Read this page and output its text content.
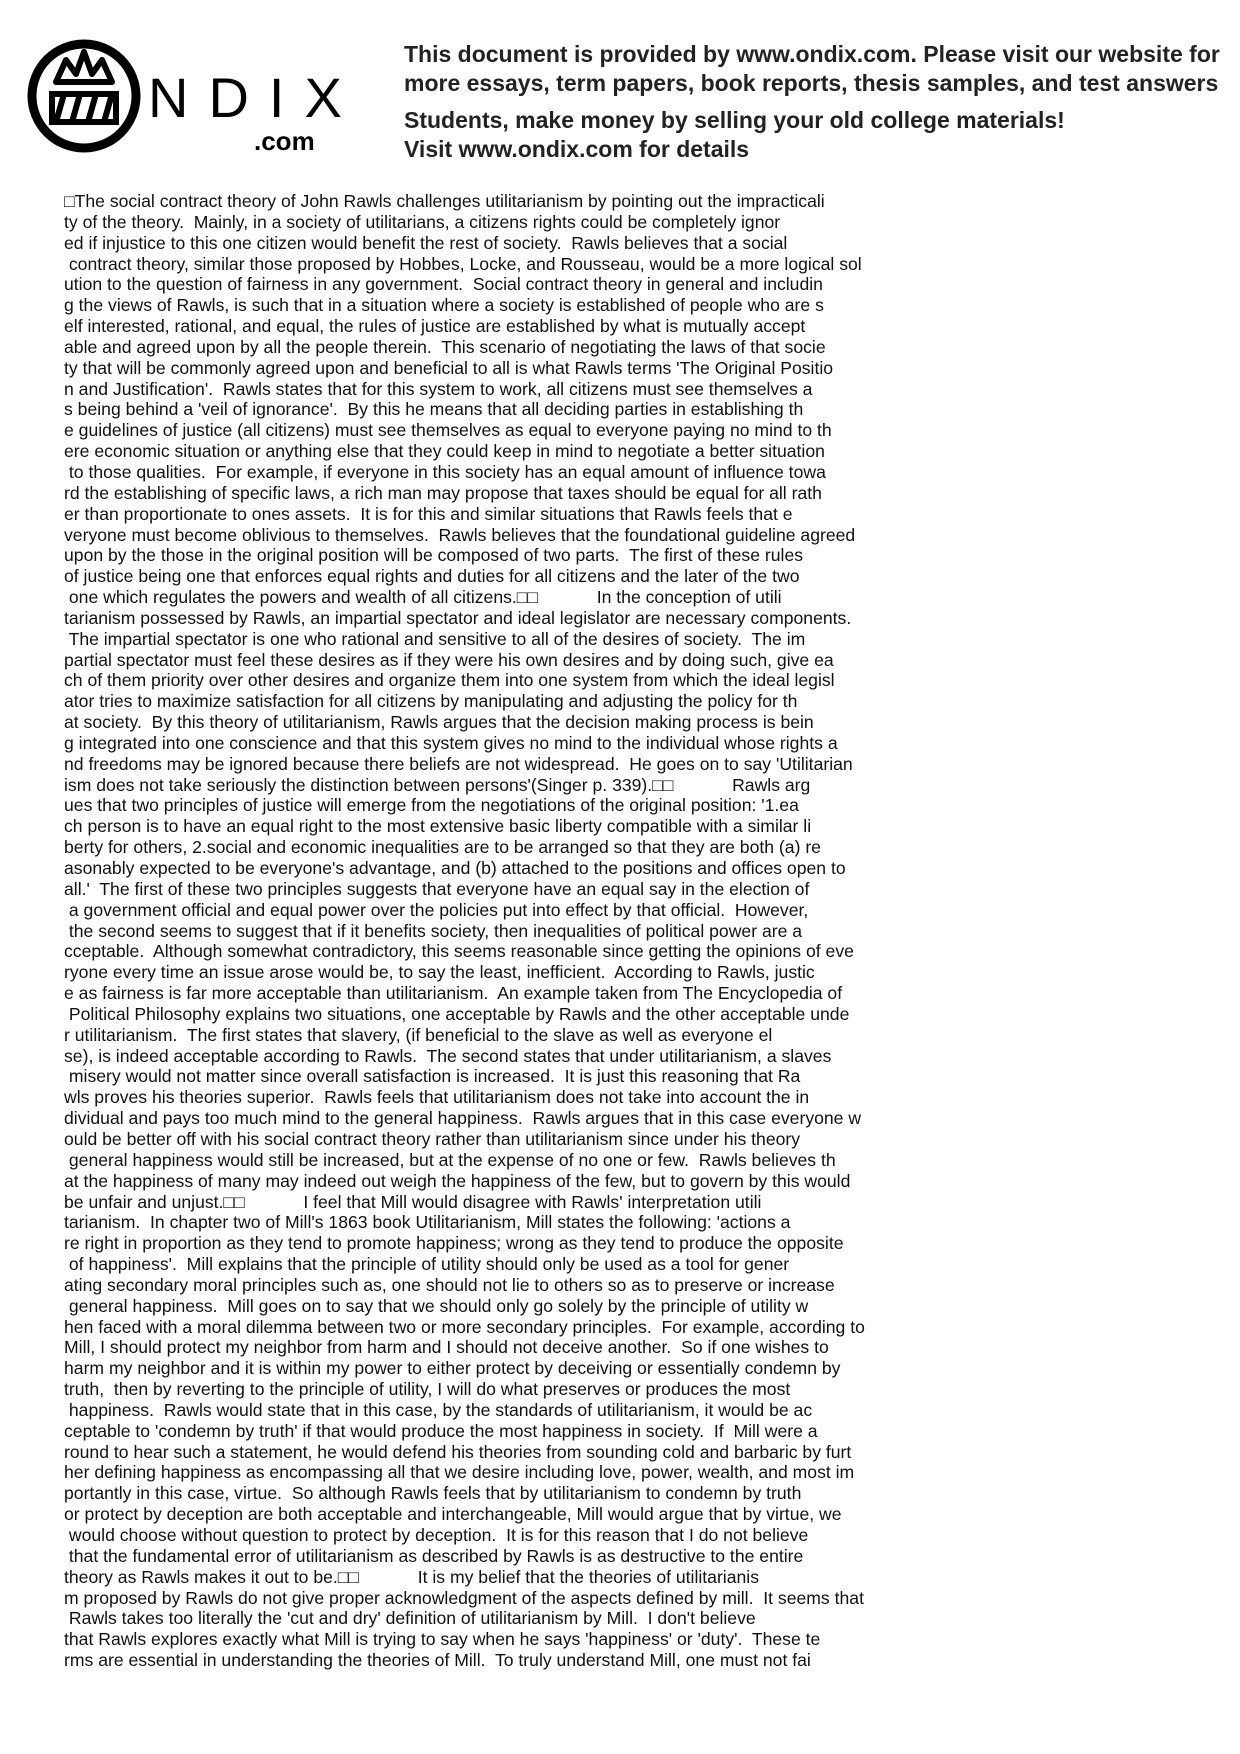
NDIX
.com
This document is provided by www.ondix.com. Please visit our website for
more essays, term papers, book reports, thesis samples, and test answers
Students, make money by selling your old college materials!
Visit www.ondix.com for details
□The social contract theory of John Rawls challenges utilitarianism by pointing out the impracticali
ty of the theory.  Mainly, in a society of utilitarians, a citizens rights could be completely ignor
ed if injustice to this one citizen would benefit the rest of society.  Rawls believes that a social
contract theory, similar those proposed by Hobbes, Locke, and Rousseau, would be a more logical sol
ution to the question of fairness in any government.  Social contract theory in general and includin
g the views of Rawls, is such that in a situation where a society is established of people who are s
elf interested, rational, and equal, the rules of justice are established by what is mutually accept
able and agreed upon by all the people therein.  This scenario of negotiating the laws of that socie
ty that will be commonly agreed upon and beneficial to all is what Rawls terms 'The Original Positio
n and Justification'.  Rawls states that for this system to work, all citizens must see themselves a
s being behind a 'veil of ignorance'.  By this he means that all deciding parties in establishing th
e guidelines of justice (all citizens) must see themselves as equal to everyone paying no mind to th
ere economic situation or anything else that they could keep in mind to negotiate a better situation
to those qualities.  For example, if everyone in this society has an equal amount of influence towa
rd the establishing of specific laws, a rich man may propose that taxes should be equal for all rath
er than proportionate to ones assets.  It is for this and similar situations that Rawls feels that e
veryone must become oblivious to themselves.  Rawls believes that the foundational guideline agreed
upon by the those in the original position will be composed of two parts.  The first of these rules
of justice being one that enforces equal rights and duties for all citizens and the later of the two
one which regulates the powers and wealth of all citizens.□□            In the conception of utili
tarianism possessed by Rawls, an impartial spectator and ideal legislator are necessary components.
The impartial spectator is one who rational and sensitive to all of the desires of society.  The im
partial spectator must feel these desires as if they were his own desires and by doing such, give ea
ch of them priority over other desires and organize them into one system from which the ideal legisl
ator tries to maximize satisfaction for all citizens by manipulating and adjusting the policy for th
at society.  By this theory of utilitarianism, Rawls argues that the decision making process is bein
g integrated into one conscience and that this system gives no mind to the individual whose rights a
nd freedoms may be ignored because there beliefs are not widespread.  He goes on to say 'Utilitarian
ism does not take seriously the distinction between persons'(Singer p. 339).□□            Rawls arg
ues that two principles of justice will emerge from the negotiations of the original position: '1.ea
ch person is to have an equal right to the most extensive basic liberty compatible with a similar li
berty for others, 2.social and economic inequalities are to be arranged so that they are both (a) re
asonably expected to be everyone's advantage, and (b) attached to the positions and offices open to
all.'  The first of these two principles suggests that everyone have an equal say in the election of
a government official and equal power over the policies put into effect by that official.  However,
the second seems to suggest that if it benefits society, then inequalities of political power are a
cceptable.  Although somewhat contradictory, this seems reasonable since getting the opinions of eve
ryone every time an issue arose would be, to say the least, inefficient.  According to Rawls, justic
e as fairness is far more acceptable than utilitarianism.  An example taken from The Encyclopedia of
Political Philosophy explains two situations, one acceptable by Rawls and the other acceptable unde
r utilitarianism.  The first states that slavery, (if beneficial to the slave as well as everyone el
se), is indeed acceptable according to Rawls.  The second states that under utilitarianism, a slaves
misery would not matter since overall satisfaction is increased.  It is just this reasoning that Ra
wls proves his theories superior.  Rawls feels that utilitarianism does not take into account the in
dividual and pays too much mind to the general happiness.  Rawls argues that in this case everyone w
ould be better off with his social contract theory rather than utilitarianism since under his theory
general happiness would still be increased, but at the expense of no one or few.  Rawls believes th
at the happiness of many may indeed out weigh the happiness of the few, but to govern by this would
be unfair and unjust.□□            I feel that Mill would disagree with Rawls' interpretation utili
tarianism.  In chapter two of Mill's 1863 book Utilitarianism, Mill states the following: 'actions a
re right in proportion as they tend to promote happiness; wrong as they tend to produce the opposite
of happiness'.  Mill explains that the principle of utility should only be used as a tool for gener
ating secondary moral principles such as, one should not lie to others so as to preserve or increase
general happiness.  Mill goes on to say that we should only go solely by the principle of utility w
hen faced with a moral dilemma between two or more secondary principles.  For example, according to
Mill, I should protect my neighbor from harm and I should not deceive another.  So if one wishes to
harm my neighbor and it is within my power to either protect by deceiving or essentially condemn by
truth,  then by reverting to the principle of utility, I will do what preserves or produces the most
happiness.  Rawls would state that in this case, by the standards of utilitarianism, it would be ac
ceptable to 'condemn by truth' if that would produce the most happiness in society.  If  Mill were a
round to hear such a statement, he would defend his theories from sounding cold and barbaric by furt
her defining happiness as encompassing all that we desire including love, power, wealth, and most im
portantly in this case, virtue.  So although Rawls feels that by utilitarianism to condemn by truth
or protect by deception are both acceptable and interchangeable, Mill would argue that by virtue, we
would choose without question to protect by deception.  It is for this reason that I do not believe
that the fundamental error of utilitarianism as described by Rawls is as destructive to the entire
theory as Rawls makes it out to be.□□            It is my belief that the theories of utilitarianis
m proposed by Rawls do not give proper acknowledgment of the aspects defined by mill.  It seems that
Rawls takes too literally the 'cut and dry' definition of utilitarianism by Mill.  I don't believe
that Rawls explores exactly what Mill is trying to say when he says 'happiness' or 'duty'.  These te
rms are essential in understanding the theories of Mill.  To truly understand Mill, one must not fai
